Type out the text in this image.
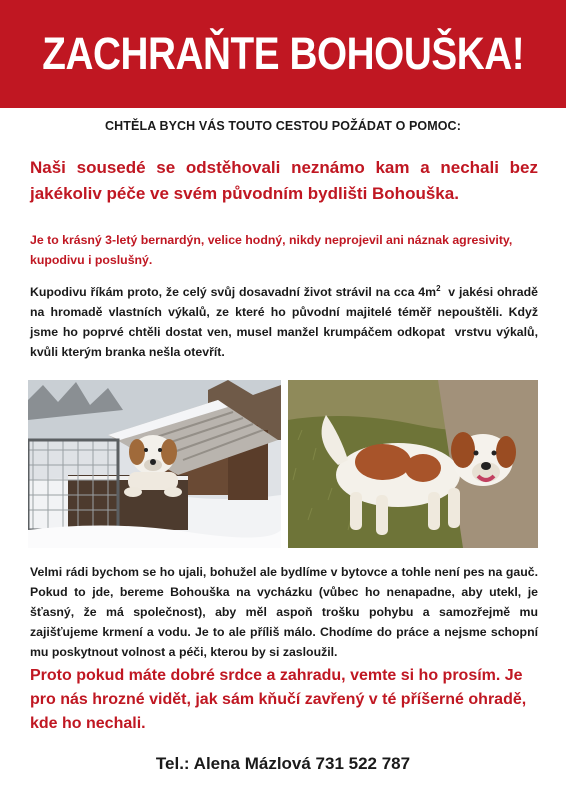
ZACHRAŇTE BOHOUŠKA!
CHTĚLA BYCH VÁS TOUTO CESTOU POŽÁDAT O POMOC:
Naši sousedé se odstěhovali neznámo kam a nechali bez jakékoliv péče ve svém původním bydlišti Bohouška.
Je to krásný 3-letý bernardýn, velice hodný, nikdy neprojevil ani náznak agresivity, kupodivu i poslušný.
Kupodivu říkám proto, že celý svůj dosavadní život strávil na cca $4m^2$  v jakési ohradě na hromadě vlastních výkalů, ze které ho původní majitelé téměř nepouštěli. Když jsme ho poprvé chtěli dostat ven, musel manžel krumpáčem odkopat  vrstvu výkalů, kvůli kterým branka nešla otevřít.
Velmi rádi bychom se ho ujali, bohužel ale bydlíme v bytovce a tohle není pes na gauč. Pokud to jde, bereme Bohouška na vycházku (vůbec ho nenapadne, aby utekl, je šťasný, že má společnost), aby měl aspoň trošku pohybu a samozřejmě mu zajišťujeme krmení a vodu. Je to ale příliš málo. Chodíme do práce a nejsme schopní mu poskytnout volnost a péči, kterou by si zasloužil.
Proto pokud máte dobré srdce a zahradu, vemte si ho prosím. Je pro nás hrozné vidět, jak sám kňučí zavřený v té příšerné ohradě, kde ho nechali.
Tel.: Alena Mázlová 731 522 787
